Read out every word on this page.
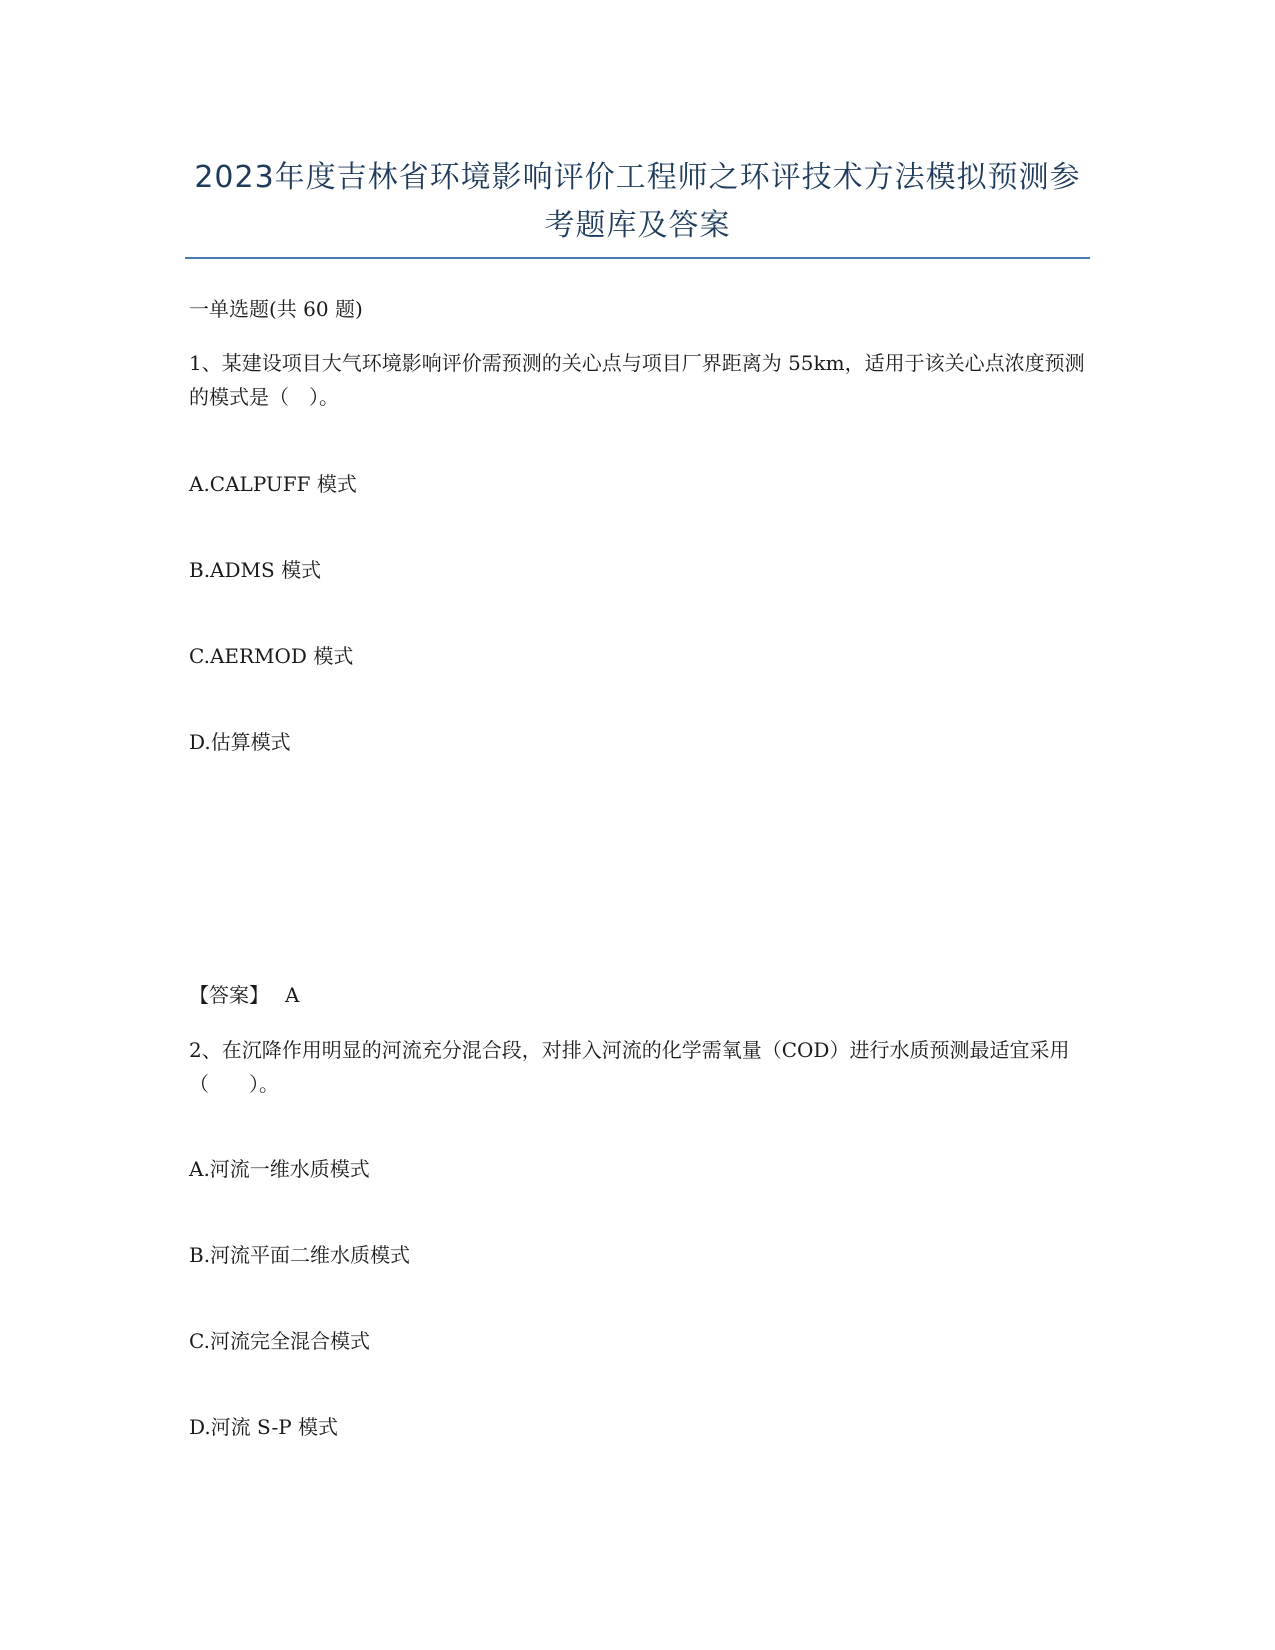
2023年度吉林省环境影响评价工程师之环评技术方法模拟预测参考题库及答案
一单选题(共 60 题)
1、某建设项目大气环境影响评价需预测的关心点与项目厂界距离为 55km，适用于该关心点浓度预测的模式是（　）。
A.CALPUFF 模式
B.ADMS 模式
C.AERMOD 模式
D.估算模式
【答案】 A
2、在沉降作用明显的河流充分混合段，对排入河流的化学需氧量（COD）进行水质预测最适宜采用（　　）。
A.河流一维水质模式
B.河流平面二维水质模式
C.河流完全混合模式
D.河流 S-P 模式
